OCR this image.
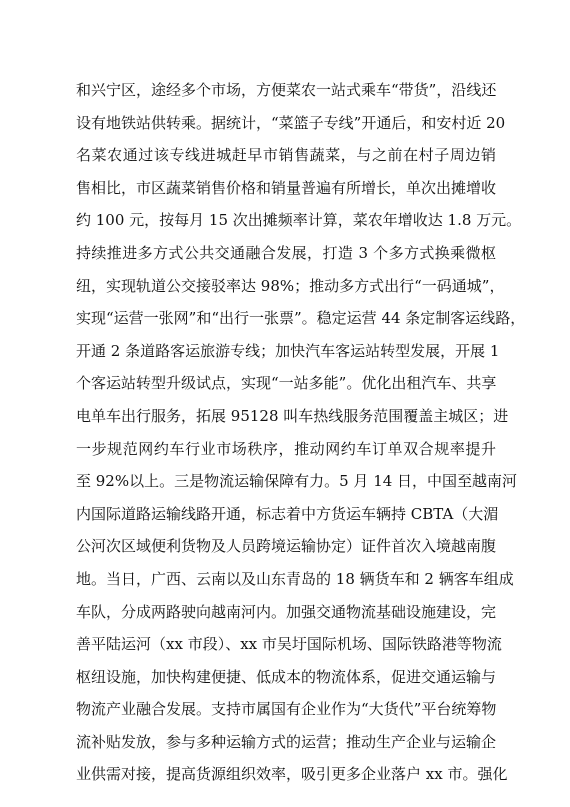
和兴宁区，途经多个市场，方便菜农一站式乘车“带货”，沿线还
设有地铁站供转乘。据统计，“菜篮子专线”开通后，和安村近 20
名菜农通过该专线进城赶早市销售蔬菜，与之前在村子周边销
售相比，市区蔬菜销售价格和销量普遍有所增长，单次出摊增收
约 100 元，按每月 15 次出摊频率计算，菜农年增收达 1.8 万元。
持续推进多方式公共交通融合发展，打造 3 个多方式换乘微枢
纽，实现轨道公交接驳率达 98%；推动多方式出行“一码通城”，
实现“运营一张网”和“出行一张票”。稳定运营 44 条定制客运线路，
开通 2 条道路客运旅游专线；加快汽车客运站转型发展，开展 1
个客运站转型升级试点，实现“一站多能”。优化出租汽车、共享
电单车出行服务，拓展 95128 叫车热线服务范围覆盖主城区；进
一步规范网约车行业市场秩序，推动网约车订单双合规率提升
至 92%以上。三是物流运输保障有力。5 月 14 日，中国至越南河
内国际道路运输线路开通，标志着中方货运车辆持 CBTA（大湄
公河次区域便利货物及人员跨境运输协定）证件首次入境越南腹
地。当日，广西、云南以及山东青岛的 18 辆货车和 2 辆客车组成
车队，分成两路驶向越南河内。加强交通物流基础设施建设，完
善平陆运河（xx 市段）、xx 市吴圩国际机场、国际铁路港等物流
枢纽设施，加快构建便捷、低成本的物流体系，促进交通运输与
物流产业融合发展。支持市属国有企业作为“大货代”平台统筹物
流补贴发放，参与多种运输方式的运营；推动生产企业与运输企
业供需对接，提高货源组织效率，吸引更多企业落户 xx 市。强化
